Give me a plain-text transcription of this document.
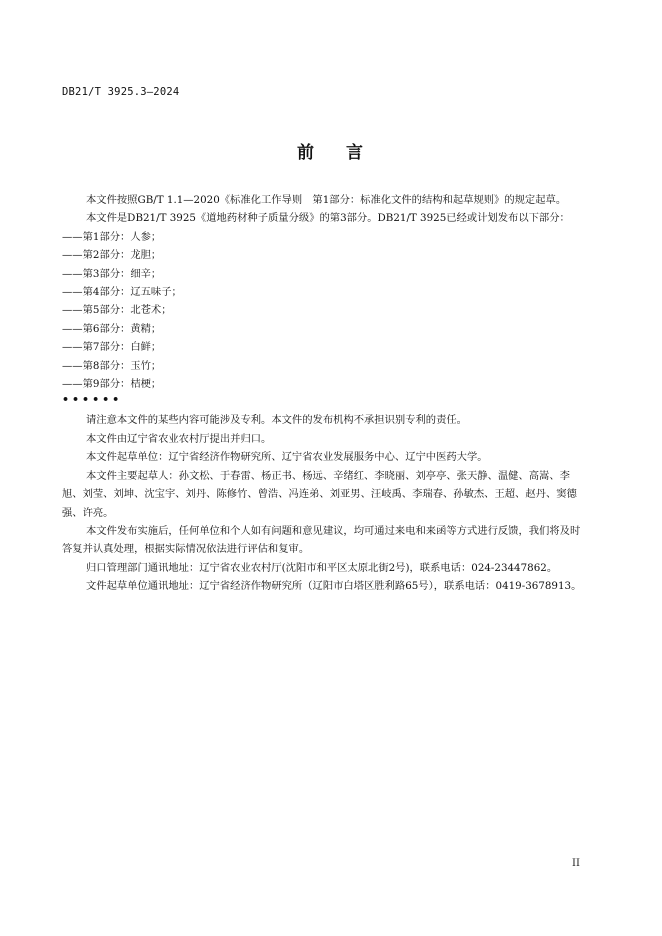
DB21/T 3925.3—2024
前 言

本文件按照GB/T 1.1—2020《标准化工作导则　第1部分：标准化文件的结构和起草规则》的规定起草。

本文件是DB21/T 3925《道地药材种子质量分级》的第3部分。DB21/T 3925已经或计划发布以下部分：

——第1部分：人参；

——第2部分：龙胆；

——第3部分：细辛；

——第4部分：辽五味子；

——第5部分：北苍术；

——第6部分：黄精；

——第7部分：白鲜；

——第8部分：玉竹；

——第9部分：桔梗；

••••••

请注意本文件的某些内容可能涉及专利。本文件的发布机构不承担识别专利的责任。

本文件由辽宁省农业农村厅提出并归口。

本文件起草单位：辽宁省经济作物研究所、辽宁省农业发展服务中心、辽宁中医药大学。

本文件主要起草人：孙文松、于春雷、杨正书、杨远、辛绪红、李晓丽、刘亭亭、张天静、温健、高嵩、李旭、刘莹、刘坤、沈宝宇、刘丹、陈修竹、曾浩、冯连弟、刘亚男、汪岐禹、李瑞春、孙敏杰、王超、赵丹、窦德强、许亮。

本文件发布实施后，任何单位和个人如有问题和意见建议，均可通过来电和来函等方式进行反馈，我们将及时答复并认真处理，根据实际情况依法进行评估和复审。

归口管理部门通讯地址：辽宁省农业农村厅(沈阳市和平区太原北街2号)，联系电话：024-23447862。

文件起草单位通讯地址：辽宁省经济作物研究所（辽阳市白塔区胜利路65号），联系电话：0419-3678913。

II
